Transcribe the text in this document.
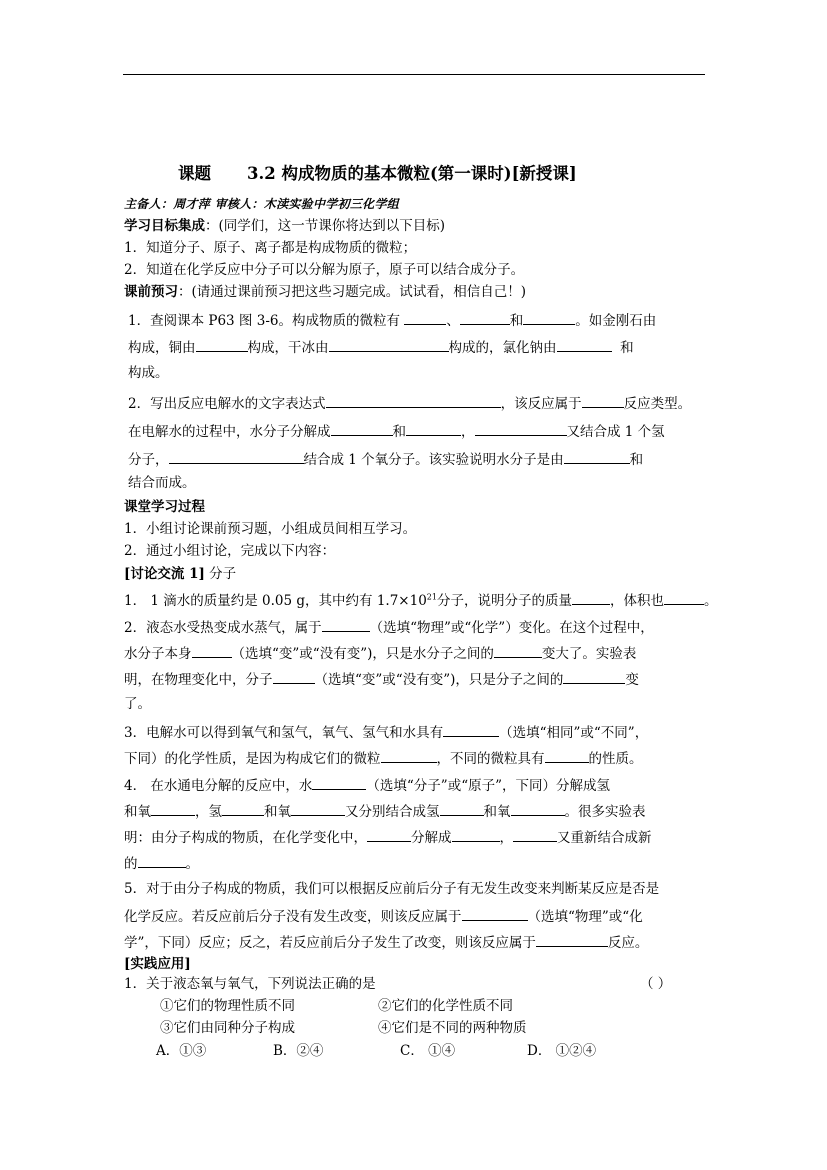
课题 3.2 构成物质的基本微粒(第一课时)[新授课]
主备人：周才萍 审核人：木渎实验中学初三化学组
学习目标集成：(同学们，这一节课你将达到以下目标)
1．知道分子、原子、离子都是构成物质的微粒；
2．知道在化学反应中分子可以分解为原子，原子可以结合成分子。
课前预习：(请通过课前预习把这些习题完成。试试看，相信自己！)
1．查阅课本 P63 图 3-6。构成物质的微粒有	、	和	。如金刚石由
构成，铜由	构成，干冰由	构成的，氯化钠由	和
构成。
2．写出反应电解水的文字表达式	，该反应属于	反应类型。
在电解水的过程中，水分子分解成	和	，	又结合成 1 个氢
分子，	结合成 1 个氧分子。该实验说明水分子是由	和
结合而成。
课堂学习过程
1．小组讨论课前预习题，小组成员间相互学习。
2．通过小组讨论，完成以下内容：
[讨论交流 1] 分子
1． 1 滴水的质量约是 0.05 g，其中约有 $1.7\times 10^{21}$分子，说明分子的质量	，体积也	。
2．液态水受热变成水蒸气，属于	（选填“物理”或“化学”）变化。在这个过程中，
水分子本身	（选填“变”或“没有变”)，只是水分子之间的	变大了。实验表
明，在物理变化中，分子	（选填“变”或“没有变”)，只是分子之间的	变
了。
3．电解水可以得到氧气和氢气，氧气、氢气和水具有	（选填“相同”或“不同”，
下同）的化学性质，是因为构成它们的微粒	，不同的微粒具有	的性质。
4． 在水通电分解的反应中，水	（选填“分子”或“原子”，下同）分解成氢
和氧	，氢	和氧	又分别结合成氢	和氧	。很多实验表
明：由分子构成的物质，在化学变化中，	分解成	，	又重新结合成新
的	。
5．对于由分子构成的物质，我们可以根据反应前后分子有无发生改变来判断某反应是否是
化学反应。若反应前后分子没有发生改变，则该反应属于	（选填“物理”或“化
学”，下同）反应；反之，若反应前后分子发生了改变，则该反应属于	反应。
[实践应用]
1．关于液态氧与氧气，下列说法正确的是	（ ）
①它们的物理性质不同	②它们的化学性质不同
③它们由同种分子构成	④它们是不同的两种物质
A．①③	B．②④	C． ①④	D． ①②④
